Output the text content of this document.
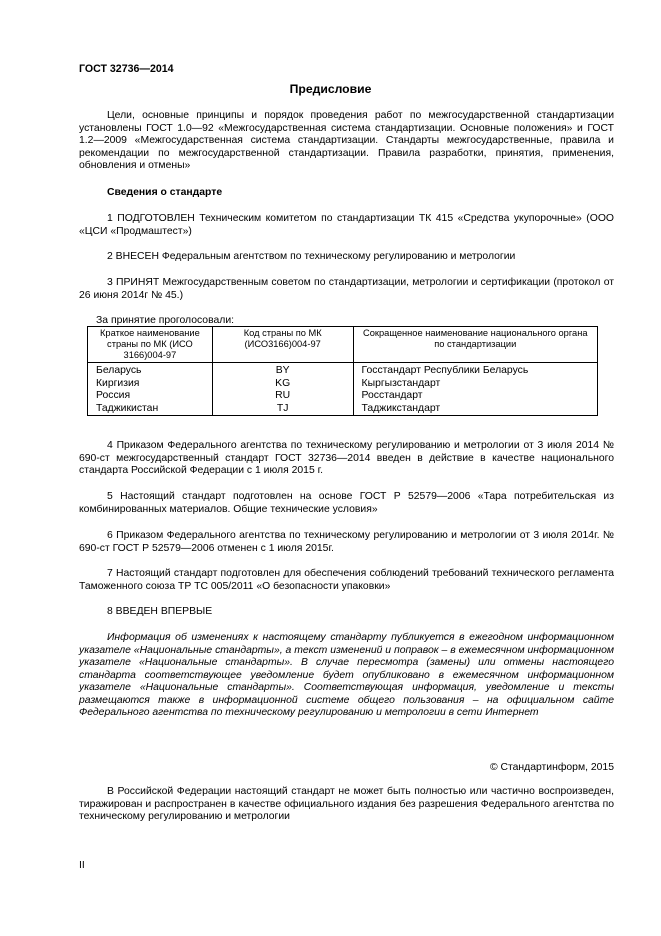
ГОСТ 32736—2014
Предисловие
Цели, основные принципы и порядок проведения работ по межгосударственной стандартизации установлены ГОСТ 1.0—92 «Межгосударственная система стандартизации. Основные положения» и ГОСТ 1.2—2009 «Межгосударственная система стандартизации. Стандарты межгосударственные, правила и рекомендации по межгосударственной стандартизации. Правила разработки, принятия, применения, обновления и отмены»
Сведения о стандарте
1 ПОДГОТОВЛЕН Техническим комитетом по стандартизации ТК 415 «Средства укупорочные» (ООО «ЦСИ «Продмаштест»)
2 ВНЕСЕН Федеральным агентством по техническому регулированию и метрологии
3 ПРИНЯТ Межгосударственным советом по стандартизации, метрологии и сертификации (протокол от 26 июня 2014г № 45.)
За принятие проголосовали:
Краткое наименование страны по МК (ИСО 3166)004-97	Код страны по МК (ИСО3166)004-97	Сокращенное наименование национального органа по стандартизации
Беларусь	BY	Госстандарт Республики Беларусь
Киргизия	KG	Кыргызстандарт
Россия	RU	Росстандарт
Таджикистан	TJ	Таджикстандарт
4 Приказом Федерального агентства по техническому регулированию и метрологии от 3 июля 2014 № 690-ст межгосударственный стандарт ГОСТ 32736—2014 введен в действие в качестве национального стандарта Российской Федерации с 1 июля 2015 г.
5 Настоящий стандарт подготовлен на основе ГОСТ Р 52579—2006 «Тара потребительская из комбинированных материалов. Общие технические условия»
6 Приказом Федерального агентства по техническому регулированию и метрологии от 3 июля 2014г. № 690-ст ГОСТ Р 52579—2006 отменен с 1 июля 2015г.
7 Настоящий стандарт подготовлен для обеспечения соблюдений требований технического регламента Таможенного союза ТР ТС 005/2011 «О безопасности упаковки»
8 ВВЕДЕН ВПЕРВЫЕ
Информация об изменениях к настоящему стандарту публикуется в ежегодном информационном указателе «Национальные стандарты», а текст изменений и поправок – в ежемесячном информационном указателе «Национальные стандарты». В случае пересмотра (замены) или отмены настоящего стандарта соответствующее уведомление будет опубликовано в ежемесячном информационном указателе «Национальные стандарты». Соответствующая информация, уведомление и тексты размещаются также в информационной системе общего пользования – на официальном сайте Федерального агентства по техническому регулированию и метрологии в сети Интернет
© Стандартинформ, 2015
В Российской Федерации настоящий стандарт не может быть полностью или частично воспроизведен, тиражирован и распространен в качестве официального издания без разрешения Федерального агентства по техническому регулированию и метрологии
II
